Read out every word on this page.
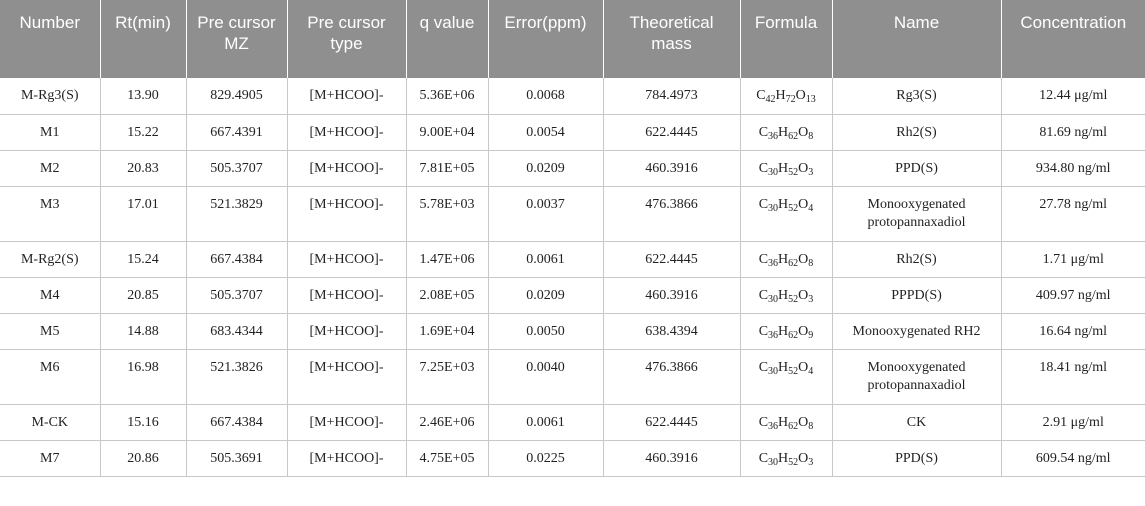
Number	Rt(min)	Pre cursor MZ	Pre cursor type	q value	Error(ppm)	Theoretical mass	Formula	Name	Concentration
M-Rg3(S)	13.90	829.4905	[M+HCOO]-	5.36E+06	0.0068	784.4973	$C_{42}H_{72}O_{13}$	Rg3(S)	12.44 μg/ml
M1	15.22	667.4391	[M+HCOO]-	9.00E+04	0.0054	622.4445	$C_{36}H_{62}O_8$	Rh2(S)	81.69 ng/ml
M2	20.83	505.3707	[M+HCOO]-	7.81E+05	0.0209	460.3916	$C_{30}H_{52}O_3$	PPD(S)	934.80 ng/ml
M3	17.01	521.3829	[M+HCOO]-	5.78E+03	0.0037	476.3866	$C_{30}H_{52}O_4$	Monooxygenated protopannaxadiol	27.78 ng/ml
M-Rg2(S)	15.24	667.4384	[M+HCOO]-	1.47E+06	0.0061	622.4445	$C_{36}H_{62}O_8$	Rh2(S)	1.71 μg/ml
M4	20.85	505.3707	[M+HCOO]-	2.08E+05	0.0209	460.3916	$C_{30}H_{52}O_3$	PPPD(S)	409.97 ng/ml
M5	14.88	683.4344	[M+HCOO]-	1.69E+04	0.0050	638.4394	$C_{36}H_{62}O_9$	Monooxygenated RH2	16.64 ng/ml
M6	16.98	521.3826	[M+HCOO]-	7.25E+03	0.0040	476.3866	$C_{30}H_{52}O_4$	Monooxygenated protopannaxadiol	18.41 ng/ml
M-CK	15.16	667.4384	[M+HCOO]-	2.46E+06	0.0061	622.4445	$C_{36}H_{62}O_8$	CK	2.91 μg/ml
M7	20.86	505.3691	[M+HCOO]-	4.75E+05	0.0225	460.3916	$C_{30}H_{52}O_3$	PPD(S)	609.54 ng/ml
